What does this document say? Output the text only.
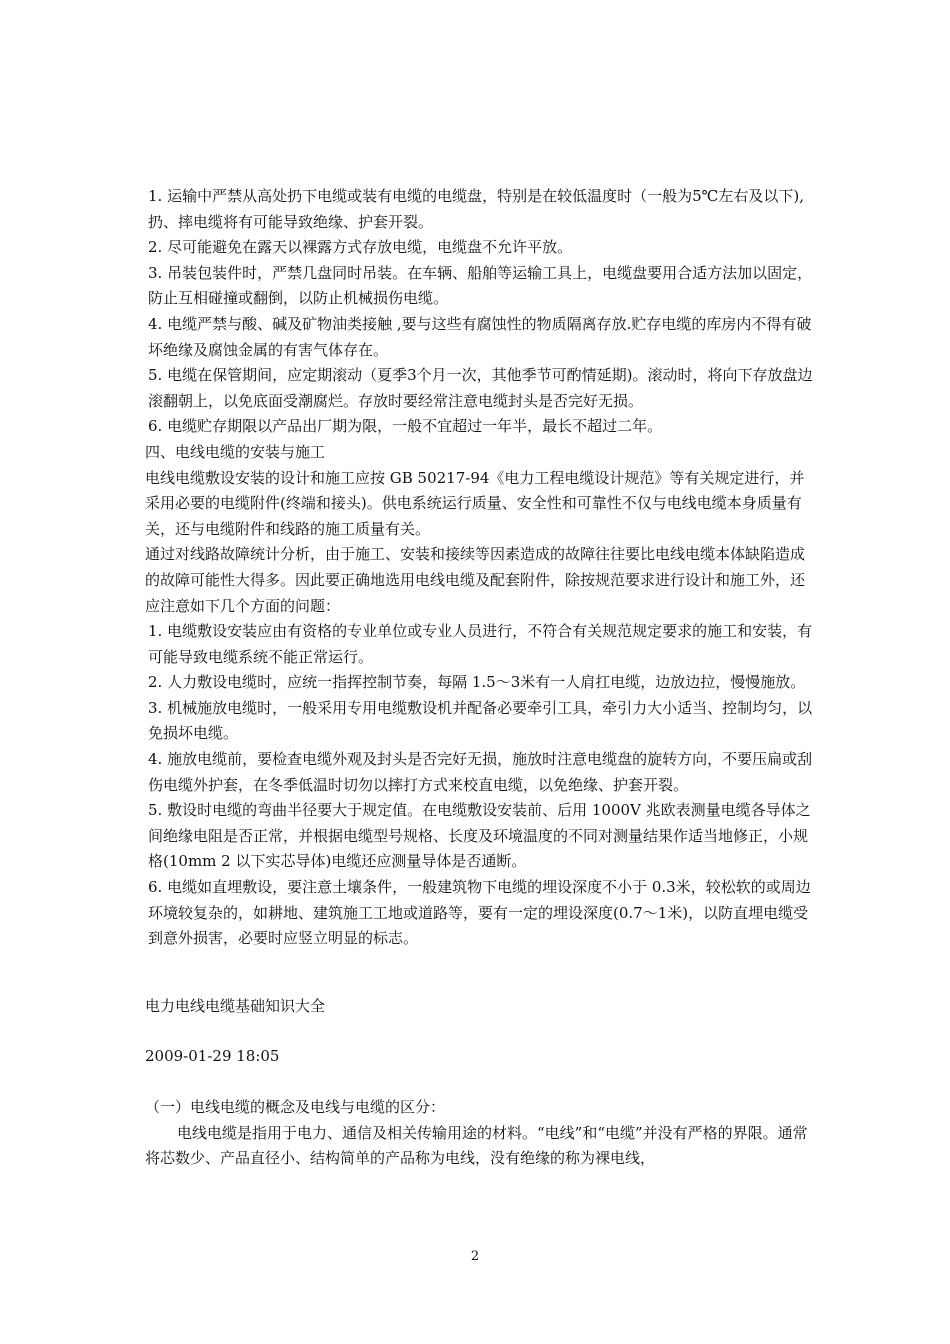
1. 运输中严禁从高处扔下电缆或装有电缆的电缆盘，特别是在较低温度时（一般为5℃左右及以下),扔、摔电缆将有可能导致绝缘、护套开裂。

2. 尽可能避免在露天以裸露方式存放电缆，电缆盘不允许平放。

3. 吊装包装件时，严禁几盘同时吊装。在车辆、船舶等运输工具上，电缆盘要用合适方法加以固定，防止互相碰撞或翻倒，以防止机械损伤电缆。

4. 电缆严禁与酸、碱及矿物油类接触 ,要与这些有腐蚀性的物质隔离存放.贮存电缆的库房内不得有破坏绝缘及腐蚀金属的有害气体存在。

5. 电缆在保管期间，应定期滚动（夏季3个月一次，其他季节可酌情延期)。滚动时，将向下存放盘边滚翻朝上，以免底面受潮腐烂。存放时要经常注意电缆封头是否完好无损。

6. 电缆贮存期限以产品出厂期为限，一般不宜超过一年半，最长不超过二年。

四、电线电缆的安装与施工

电线电缆敷设安装的设计和施工应按 GB 50217-94《电力工程电缆设计规范》等有关规定进行，并采用必要的电缆附件(终端和接头)。供电系统运行质量、安全性和可靠性不仅与电线电缆本身质量有关，还与电缆附件和线路的施工质量有关。

通过对线路故障统计分析，由于施工、安装和接续等因素造成的故障往往要比电线电缆本体缺陷造成的故障可能性大得多。因此要正确地选用电线电缆及配套附件，除按规范要求进行设计和施工外，还应注意如下几个方面的问题：

1. 电缆敷设安装应由有资格的专业单位或专业人员进行，不符合有关规范规定要求的施工和安装，有可能导致电缆系统不能正常运行。

2. 人力敷设电缆时，应统一指挥控制节奏，每隔 1.5～3米有一人肩扛电缆，边放边拉，慢慢施放。

3. 机械施放电缆时，一般采用专用电缆敷设机并配备必要牵引工具，牵引力大小适当、控制均匀，以免损坏电缆。

4. 施放电缆前，要检查电缆外观及封头是否完好无损，施放时注意电缆盘的旋转方向，不要压扁或刮伤电缆外护套，在冬季低温时切勿以摔打方式来校直电缆，以免绝缘、护套开裂。

5. 敷设时电缆的弯曲半径要大于规定值。在电缆敷设安装前、后用 1000V 兆欧表测量电缆各导体之间绝缘电阻是否正常，并根据电缆型号规格、长度及环境温度的不同对测量结果作适当地修正，小规格(10mm 2 以下实芯导体)电缆还应测量导体是否通断。

6. 电缆如直埋敷设，要注意土壤条件，一般建筑物下电缆的埋设深度不小于 0.3米，较松软的或周边环境较复杂的，如耕地、建筑施工工地或道路等，要有一定的埋设深度(0.7～1米)，以防直埋电缆受到意外损害，必要时应竖立明显的标志。

电力电线电缆基础知识大全

2009-01-29 18:05

（一）电线电缆的概念及电线与电缆的区分：

电线电缆是指用于电力、通信及相关传输用途的材料。“电线”和“电缆”并没有严格的界限。通常将芯数少、产品直径小、结构简单的产品称为电线，没有绝缘的称为裸电线，

2
